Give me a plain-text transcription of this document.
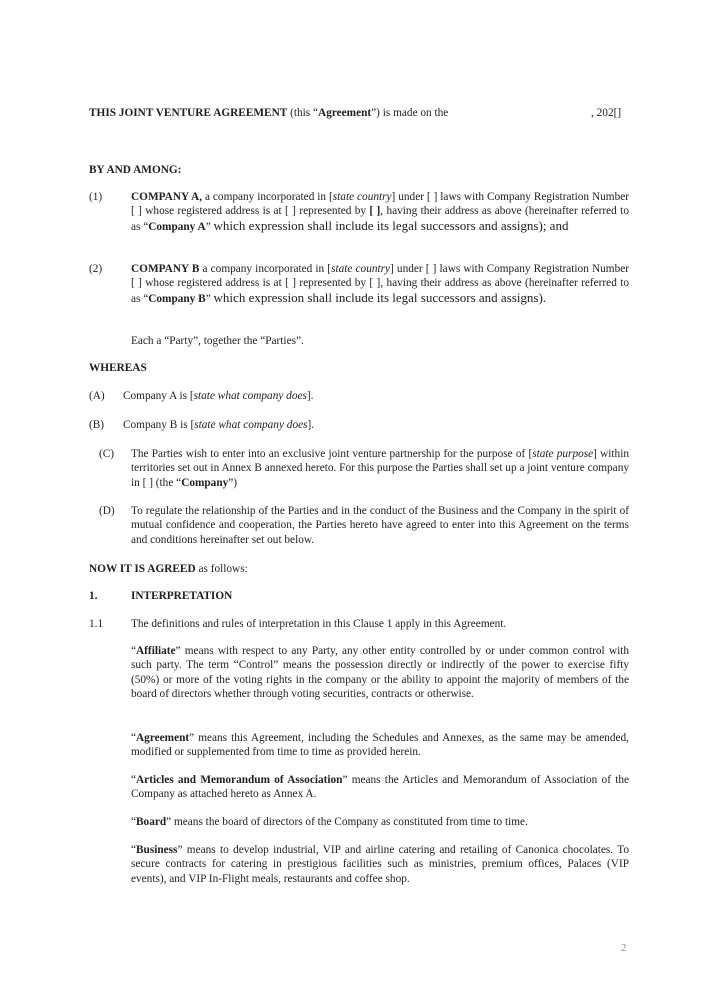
THIS JOINT VENTURE AGREEMENT (this “Agreement”) is made on the	, 202[]
BY AND AMONG:
(1)	COMPANY A, a company incorporated in [state country] under [ ] laws with Company Registration Number [ ] whose registered address is at [ ] represented by [ ], having their address as above (hereinafter referred to as “Company A” which expression shall include its legal successors and assigns); and
(2)	COMPANY B a company incorporated in [state country] under [ ] laws with Company Registration Number [ ] whose registered address is at [ ] represented by [ ], having their address as above (hereinafter referred to as “Company B” which expression shall include its legal successors and assigns).
Each a “Party”, together the “Parties”.
WHEREAS
(A) Company A is [state what company does].
(B) Company B is [state what company does].
(C) The Parties wish to enter into an exclusive joint venture partnership for the purpose of [state purpose] within territories set out in Annex B annexed hereto. For this purpose the Parties shall set up a joint venture company in [ ] (the “Company”)
(D) To regulate the relationship of the Parties and in the conduct of the Business and the Company in the spirit of mutual confidence and cooperation, the Parties hereto have agreed to enter into this Agreement on the terms and conditions hereinafter set out below.
NOW IT IS AGREED as follows:
1.	INTERPRETATION
1.1 The definitions and rules of interpretation in this Clause 1 apply in this Agreement.
“Affiliate” means with respect to any Party, any other entity controlled by or under common control with such party. The term “Control” means the possession directly or indirectly of the power to exercise fifty (50%) or more of the voting rights in the company or the ability to appoint the majority of members of the board of directors whether through voting securities, contracts or otherwise.
“Agreement” means this Agreement, including the Schedules and Annexes, as the same may be amended, modified or supplemented from time to time as provided herein.
“Articles and Memorandum of Association” means the Articles and Memorandum of Association of the Company as attached hereto as Annex A.
“Board” means the board of directors of the Company as constituted from time to time.
“Business” means to develop industrial, VIP and airline catering and retailing of Canonica chocolates. To secure contracts for catering in prestigious facilities such as ministries, premium offices, Palaces (VIP events), and VIP In-Flight meals, restaurants and coffee shop.
2
